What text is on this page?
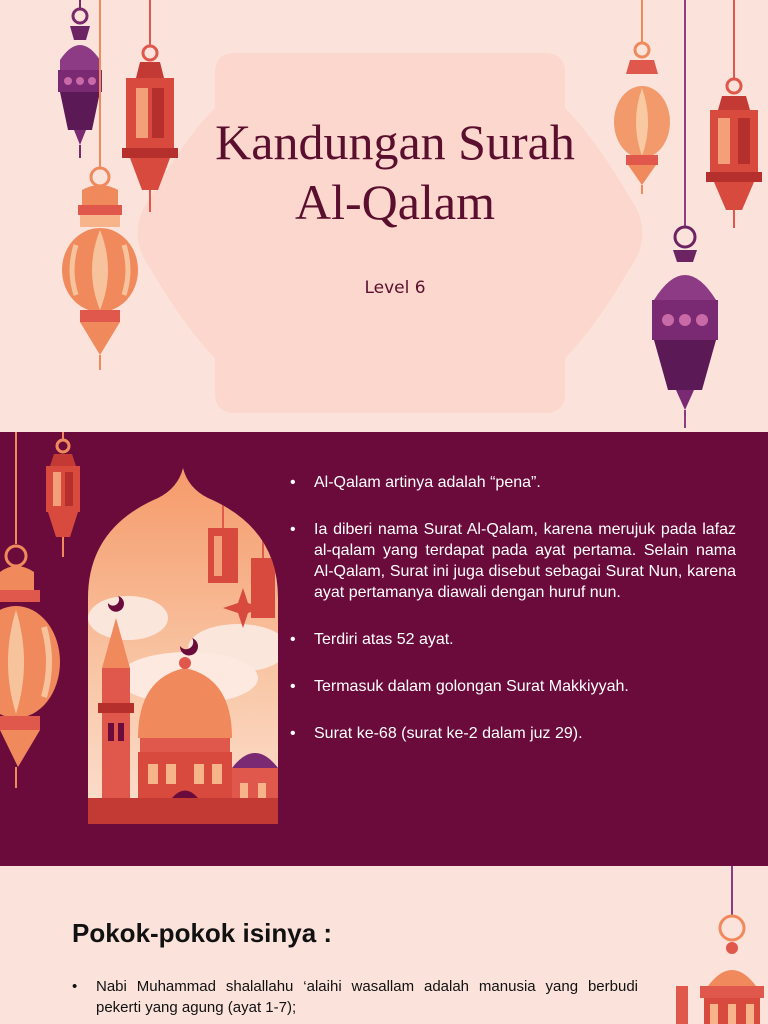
Kandungan Surah
Al-Qalam
Level 6
• Al-Qalam artinya adalah “pena”.
• Ia diberi nama Surat Al-Qalam, karena merujuk pada lafaz al-qalam yang terdapat pada ayat pertama. Selain nama Al-Qalam, Surat ini juga disebut sebagai Surat Nun, karena ayat pertamanya diawali dengan huruf nun.
• Terdiri atas 52 ayat.
• Termasuk dalam golongan Surat Makkiyyah.
• Surat ke-68 (surat ke-2 dalam juz 29).
Pokok-pokok isinya :
• Nabi Muhammad shalallahu ‘alaihi wasallam adalah manusia yang berbudi pekerti yang agung (ayat 1-7);
